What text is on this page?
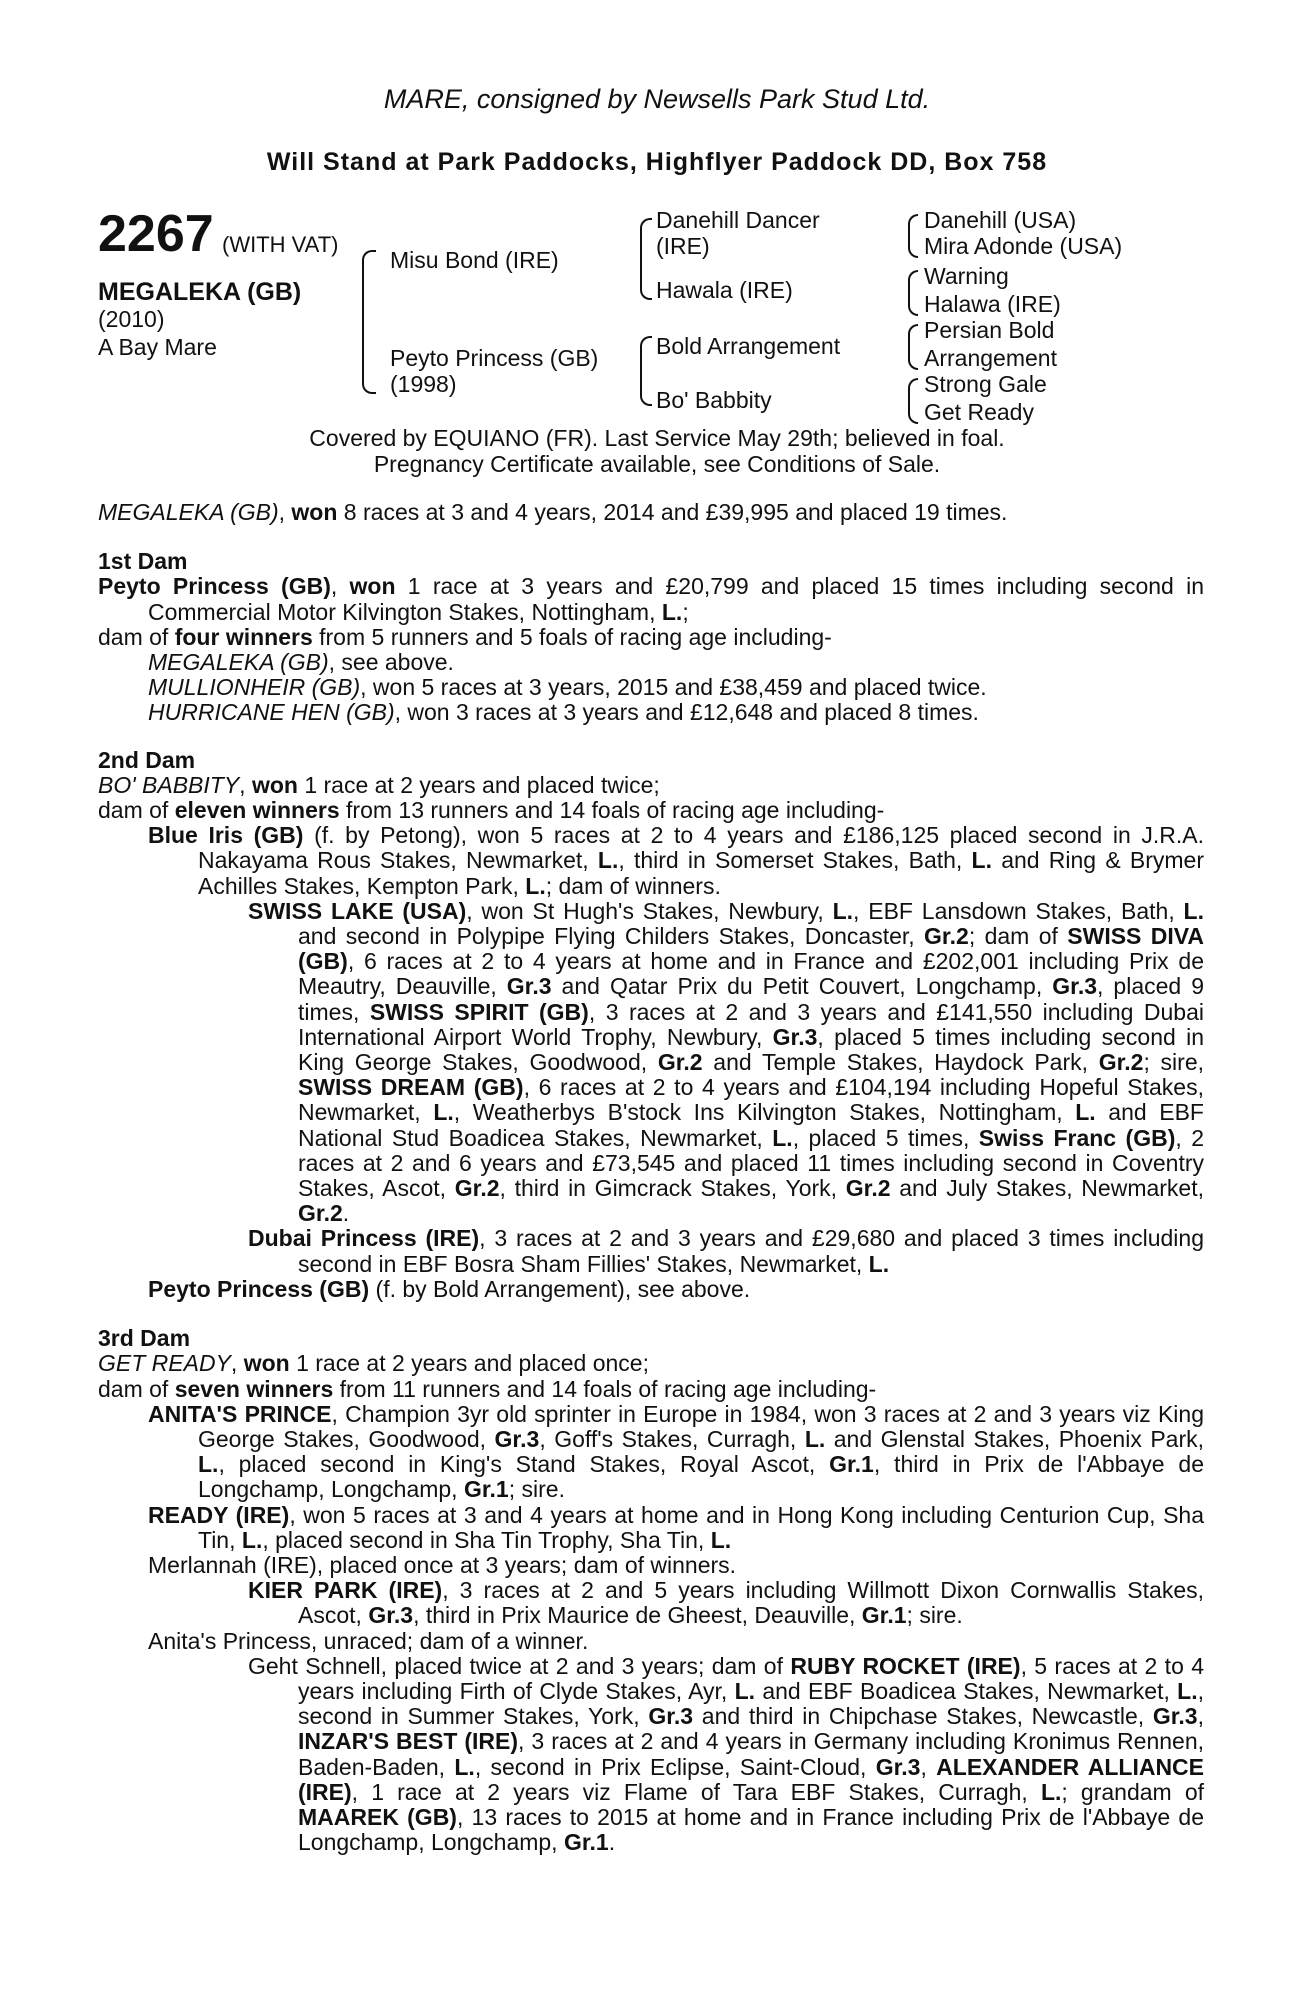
MARE, consigned by Newsells Park Stud Ltd.
Will Stand at Park Paddocks, Highflyer Paddock DD, Box 758
2267 (WITH VAT)
MEGALEKA (GB)
(2010)
A Bay Mare
Misu Bond (IRE)
Peyto Princess (GB)
(1998)
Danehill Dancer
(IRE)
Hawala (IRE)
Bold Arrangement
Bo' Babbity
Danehill (USA)
Mira Adonde (USA)
Warning
Halawa (IRE)
Persian Bold
Arrangement
Strong Gale
Get Ready
Covered by EQUIANO (FR). Last Service May 29th; believed in foal.
Pregnancy Certificate available, see Conditions of Sale.

MEGALEKA (GB), won 8 races at 3 and 4 years, 2014 and £39,995 and placed 19 times.

1st Dam

Peyto Princess (GB), won 1 race at 3 years and £20,799 and placed 15 times including second in Commercial Motor Kilvington Stakes, Nottingham, L.;

dam of four winners from 5 runners and 5 foals of racing age including-

MEGALEKA (GB), see above.

MULLIONHEIR (GB), won 5 races at 3 years, 2015 and £38,459 and placed twice.

HURRICANE HEN (GB), won 3 races at 3 years and £12,648 and placed 8 times.

2nd Dam

BO' BABBITY, won 1 race at 2 years and placed twice;

dam of eleven winners from 13 runners and 14 foals of racing age including-

Blue Iris (GB) (f. by Petong), won 5 races at 2 to 4 years and £186,125 placed second in J.R.A. Nakayama Rous Stakes, Newmarket, L., third in Somerset Stakes, Bath, L. and Ring & Brymer Achilles Stakes, Kempton Park, L.; dam of winners.

SWISS LAKE (USA), won St Hugh's Stakes, Newbury, L., EBF Lansdown Stakes, Bath, L. and second in Polypipe Flying Childers Stakes, Doncaster, Gr.2; dam of SWISS DIVA (GB), 6 races at 2 to 4 years at home and in France and £202,001 including Prix de Meautry, Deauville, Gr.3 and Qatar Prix du Petit Couvert, Longchamp, Gr.3, placed 9 times, SWISS SPIRIT (GB), 3 races at 2 and 3 years and £141,550 including Dubai International Airport World Trophy, Newbury, Gr.3, placed 5 times including second in King George Stakes, Goodwood, Gr.2 and Temple Stakes, Haydock Park, Gr.2; sire, SWISS DREAM (GB), 6 races at 2 to 4 years and £104,194 including Hopeful Stakes, Newmarket, L., Weatherbys B'stock Ins Kilvington Stakes, Nottingham, L. and EBF National Stud Boadicea Stakes, Newmarket, L., placed 5 times, Swiss Franc (GB), 2 races at 2 and 6 years and £73,545 and placed 11 times including second in Coventry Stakes, Ascot, Gr.2, third in Gimcrack Stakes, York, Gr.2 and July Stakes, Newmarket, Gr.2.

Dubai Princess (IRE), 3 races at 2 and 3 years and £29,680 and placed 3 times including second in EBF Bosra Sham Fillies' Stakes, Newmarket, L.

Peyto Princess (GB) (f. by Bold Arrangement), see above.

3rd Dam

GET READY, won 1 race at 2 years and placed once;

dam of seven winners from 11 runners and 14 foals of racing age including-

ANITA'S PRINCE, Champion 3yr old sprinter in Europe in 1984, won 3 races at 2 and 3 years viz King George Stakes, Goodwood, Gr.3, Goff's Stakes, Curragh, L. and Glenstal Stakes, Phoenix Park, L., placed second in King's Stand Stakes, Royal Ascot, Gr.1, third in Prix de l'Abbaye de Longchamp, Longchamp, Gr.1; sire.

READY (IRE), won 5 races at 3 and 4 years at home and in Hong Kong including Centurion Cup, Sha Tin, L., placed second in Sha Tin Trophy, Sha Tin, L.

Merlannah (IRE), placed once at 3 years; dam of winners.

KIER PARK (IRE), 3 races at 2 and 5 years including Willmott Dixon Cornwallis Stakes, Ascot, Gr.3, third in Prix Maurice de Gheest, Deauville, Gr.1; sire.

Anita's Princess, unraced; dam of a winner.

Geht Schnell, placed twice at 2 and 3 years; dam of RUBY ROCKET (IRE), 5 races at 2 to 4 years including Firth of Clyde Stakes, Ayr, L. and EBF Boadicea Stakes, Newmarket, L., second in Summer Stakes, York, Gr.3 and third in Chipchase Stakes, Newcastle, Gr.3, INZAR'S BEST (IRE), 3 races at 2 and 4 years in Germany including Kronimus Rennen, Baden-Baden, L., second in Prix Eclipse, Saint-Cloud, Gr.3, ALEXANDER ALLIANCE (IRE), 1 race at 2 years viz Flame of Tara EBF Stakes, Curragh, L.; grandam of MAAREK (GB), 13 races to 2015 at home and in France including Prix de l'Abbaye de Longchamp, Longchamp, Gr.1.
